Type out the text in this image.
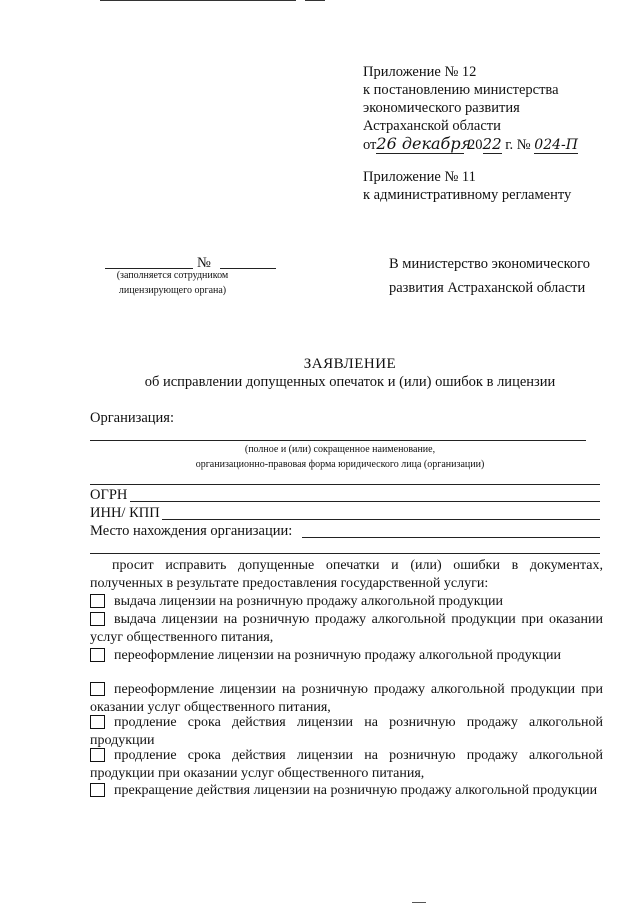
Приложение № 12
к постановлению министерства
экономического развития
Астраханской области
от26 декабря 2022 г. № 024-П
Приложение № 11
к административному регламенту
№
(заполняется сотрудником
лицензирующего органа)
В министерство экономического
развития Астраханской области
ЗАЯВЛЕНИЕ
об исправлении допущенных опечаток и (или) ошибок в лицензии
Организация:
(полное и (или) сокращенное наименование,
организационно-правовая форма юридического лица (организации)
ОГРН
ИНН/ КПП
Место нахождения организации:
просит исправить допущенные опечатки и (или) ошибки в документах, полученных в результате предоставления государственной услуги:
выдача лицензии на розничную продажу алкогольной продукции
выдача лицензии на розничную продажу алкогольной продукции при оказании услуг общественного питания,
переоформление лицензии на розничную продажу алкогольной продукции
переоформление лицензии на розничную продажу алкогольной продукции при оказании услуг общественного питания,
продление срока действия лицензии на розничную продажу алкогольной продукции
продление срока действия лицензии на розничную продажу алкогольной продукции при оказании услуг общественного питания,
прекращение действия лицензии на розничную продажу алкогольной продукции
